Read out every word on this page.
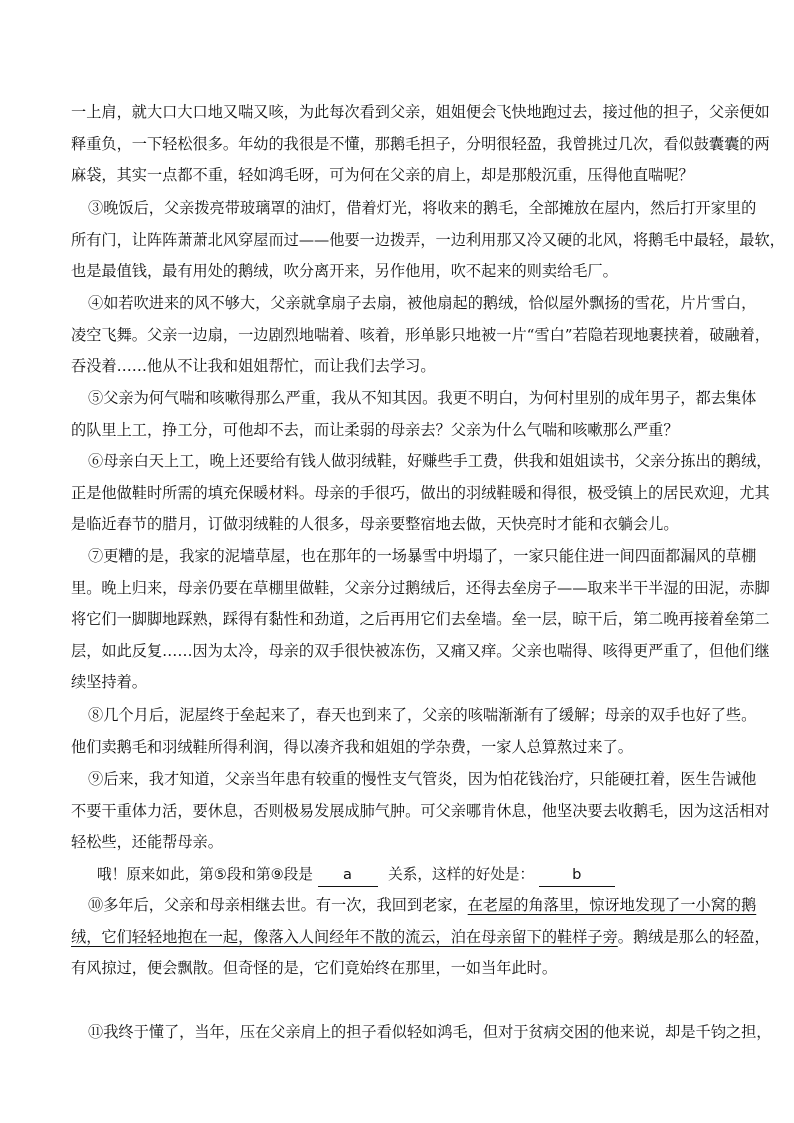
一上肩，就大口大口地又喘又咳，为此每次看到父亲，姐姐便会飞快地跑过去，接过他的担子，父亲便如
释重负，一下轻松很多。年幼的我很是不懂，那鹅毛担子，分明很轻盈，我曾挑过几次，看似鼓囊囊的两
麻袋，其实一点都不重，轻如鸿毛呀，可为何在父亲的肩上，却是那般沉重，压得他直喘呢？
③晚饭后，父亲拨亮带玻璃罩的油灯，借着灯光，将收来的鹅毛，全部摊放在屋内，然后打开家里的
所有门，让阵阵萧萧北风穿屋而过——他要一边拨弄，一边利用那又冷又硬的北风，将鹅毛中最轻，最软，
也是最值钱，最有用处的鹅绒，吹分离开来，另作他用，吹不起来的则卖给毛厂。
④如若吹进来的风不够大，父亲就拿扇子去扇，被他扇起的鹅绒，恰似屋外飘扬的雪花，片片雪白，
凌空飞舞。父亲一边扇，一边剧烈地喘着、咳着，形单影只地被一片“雪白”若隐若现地裹挟着，破融着，
吞没着……他从不让我和姐姐帮忙，而让我们去学习。
⑤父亲为何气喘和咳嗽得那么严重，我从不知其因。我更不明白，为何村里别的成年男子，都去集体
的队里上工，挣工分，可他却不去，而让柔弱的母亲去？父亲为什么气喘和咳嗽那么严重？
⑥母亲白天上工，晚上还要给有钱人做羽绒鞋，好赚些手工费，供我和姐姐读书，父亲分拣出的鹅绒，
正是他做鞋时所需的填充保暖材料。母亲的手很巧，做出的羽绒鞋暖和得很，极受镇上的居民欢迎，尤其
是临近春节的腊月，订做羽绒鞋的人很多，母亲要整宿地去做，天快亮时才能和衣躺会儿。
⑦更糟的是，我家的泥墙草屋，也在那年的一场暴雪中坍塌了，一家只能住进一间四面都漏风的草棚
里。晚上归来，母亲仍要在草棚里做鞋，父亲分过鹅绒后，还得去垒房子——取来半干半湿的田泥，赤脚
将它们一脚脚地踩熟，踩得有黏性和劲道，之后再用它们去垒墙。垒一层，晾干后，第二晚再接着垒第二
层，如此反复……因为太冷，母亲的双手很快被冻伤，又痛又痒。父亲也喘得、咳得更严重了，但他们继
续坚持着。
⑧几个月后，泥屋终于垒起来了，春天也到来了，父亲的咳喘渐渐有了缓解；母亲的双手也好了些。
他们卖鹅毛和羽绒鞋所得利润，得以凑齐我和姐姐的学杂费，一家人总算熬过来了。
⑨后来，我才知道，父亲当年患有较重的慢性支气管炎，因为怕花钱治疗，只能硬扛着，医生告诫他
不要干重体力活，要休息，否则极易发展成肺气肿。可父亲哪肯休息，他坚决要去收鹅毛，因为这活相对
轻松些，还能帮母亲。
哦！原来如此，第⑤段和第⑨段是 a 关系，这样的好处是：	b
⑩多年后，父亲和母亲相继去世。有一次，我回到老家，在老屋的角落里，惊讶地发现了一小窝的鹅
绒，它们轻轻地抱在一起，像落入人间经年不散的流云，泊在母亲留下的鞋样子旁。鹅绒是那么的轻盈，
有风掠过，便会飘散。但奇怪的是，它们竟始终在那里，一如当年此时。
⑪我终于懂了，当年，压在父亲肩上的担子看似轻如鸿毛，但对于贫病交困的他来说，却是千钧之担，
